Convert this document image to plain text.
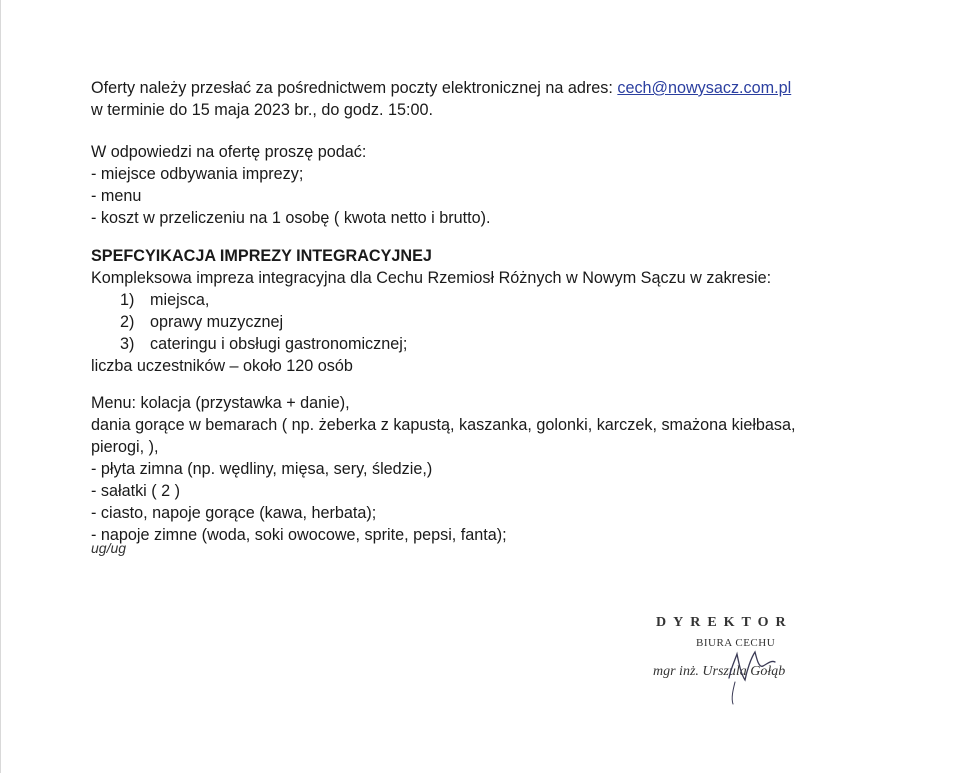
Oferty należy przesłać za pośrednictwem poczty elektronicznej na adres: cech@nowysacz.com.pl
w terminie do 15 maja 2023 br., do godz. 15:00.
W odpowiedzi na ofertę proszę podać:
- miejsce odbywania imprezy;
- menu
- koszt w przeliczeniu na 1 osobę ( kwota netto i brutto).
SPEFCYIKACJA IMPREZY INTEGRACYJNEJ
Kompleksowa impreza integracyjna dla Cechu Rzemiosł Różnych w Nowym Sączu w zakresie:
1) miejsca,
2) oprawy muzycznej
3) cateringu i obsługi gastronomicznej;
liczba uczestników – około 120 osób
Menu: kolacja (przystawka + danie),
dania gorące w bemarach ( np. żeberka z kapustą, kaszanka, golonki, karczek, smażona kiełbasa,
pierogi, ),
- płyta zimna (np. wędliny, mięsa, sery, śledzie,)
- sałatki ( 2 )
- ciasto, napoje gorące (kawa, herbata);
- napoje zimne (woda, soki owocowe, sprite, pepsi, fanta);
ug/ug
DYREKTOR
BIURA CECHU
mgr inż. Urszula Gołąb
